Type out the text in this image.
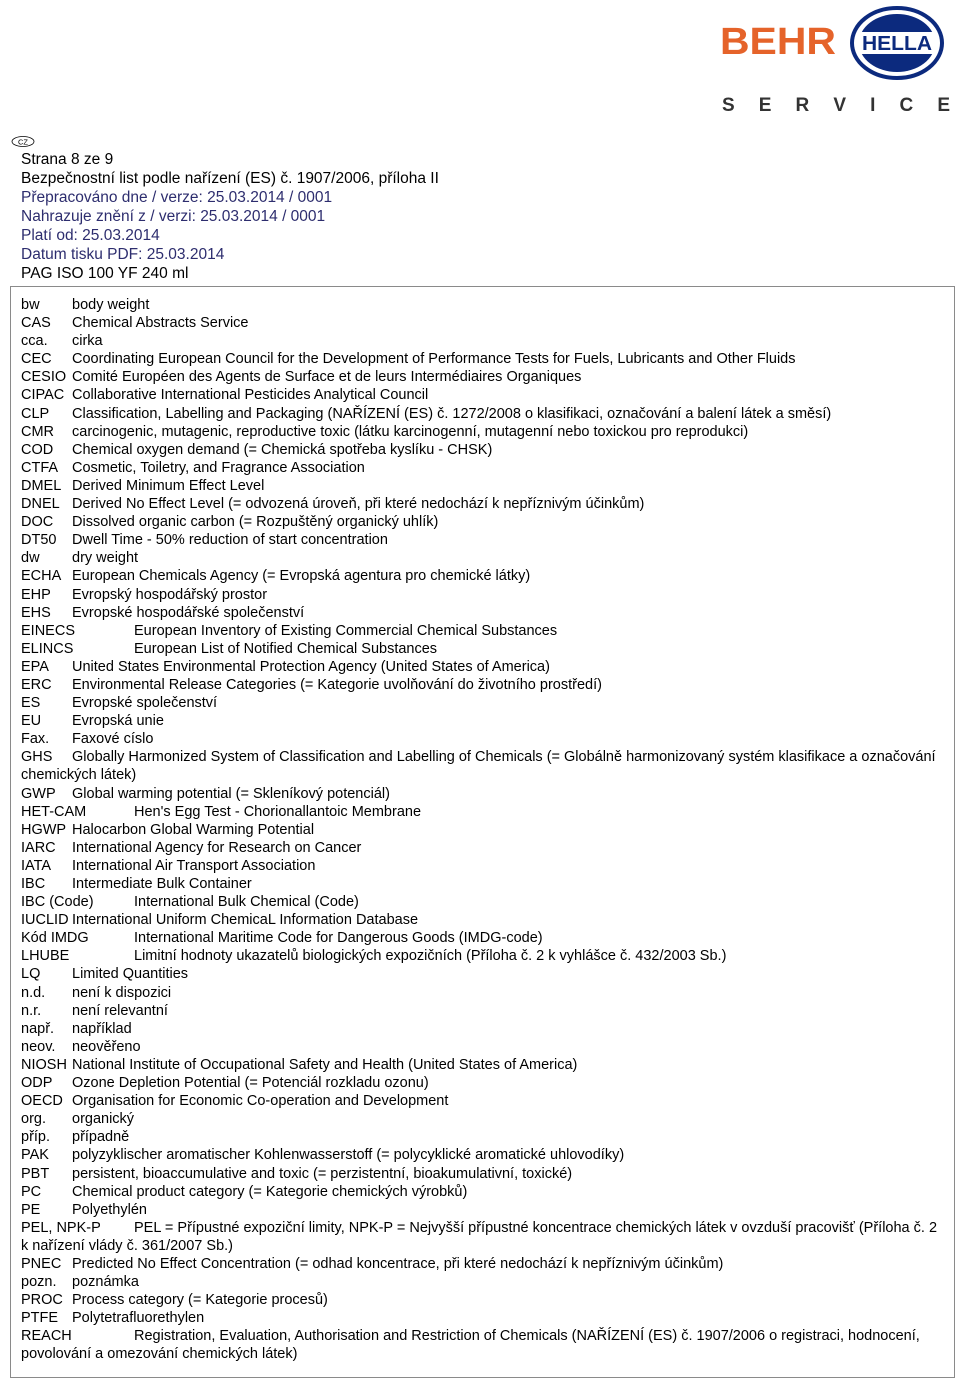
BEHR HELLA
S E R V I C E
CZ
Strana 8 ze 9
Bezpečnostní list podle nařízení (ES) č. 1907/2006, příloha II
Přepracováno dne / verze: 25.03.2014 / 0001
Nahrazuje znění z / verzi: 25.03.2014 / 0001
Platí od: 25.03.2014
Datum tisku PDF: 25.03.2014
PAG ISO 100 YF 240 ml
bw	body weight
CAS	Chemical Abstracts Service
cca.	cirka
CEC	Coordinating European Council for the Development of Performance Tests for Fuels, Lubricants and Other Fluids
CESIO Comité Européen des Agents de Surface et de leurs Intermédiaires Organiques
CIPAC Collaborative International Pesticides Analytical Council
CLP	Classification, Labelling and Packaging (NAŘÍZENÍ (ES) č. 1272/2008 o klasifikaci, označování a balení látek a směsí)
CMR	carcinogenic, mutagenic, reproductive toxic (látku karcinogenní, mutagenní nebo toxickou pro reprodukci)
COD	Chemical oxygen demand (= Chemická spotřeba kyslíku - CHSK)
CTFA Cosmetic, Toiletry, and Fragrance Association
DMEL Derived Minimum Effect Level
DNEL Derived No Effect Level (= odvozená úroveň, při které nedochází k nepříznivým účinkům)
DOC	Dissolved organic carbon (= Rozpuštěný organický uhlík)
DT50	Dwell Time - 50% reduction of start concentration
dw	dry weight
ECHA European Chemicals Agency (= Evropská agentura pro chemické látky)
EHP	Evropský hospodářský prostor
EHS	Evropské hospodářské společenství
EINECS	European Inventory of Existing Commercial Chemical Substances
ELINCS	European List of Notified Chemical Substances
EPA	United States Environmental Protection Agency (United States of America)
ERC	Environmental Release Categories (= Kategorie uvolňování do životního prostředí)
ES	Evropské společenství
EU	Evropská unie
Fax.	Faxové císlo
GHS Globally Harmonized System of Classification and Labelling of Chemicals (= Globálně harmonizovaný systém klasifikace a označování chemických látek)
GWP	Global warming potential (= Skleníkový potenciál)
HET-CAM	Hen's Egg Test - Chorionallantoic Membrane
HGWP Halocarbon Global Warming Potential
IARC	International Agency for Research on Cancer
IATA	International Air Transport Association
IBC	Intermediate Bulk Container
IBC (Code)	International Bulk Chemical (Code)
IUCLID International Uniform ChemicaL Information Database
Kód IMDG	International Maritime Code for Dangerous Goods (IMDG-code)
LHUBE	Limitní hodnoty ukazatelů biologických expozičních (Příloha č. 2 k vyhlášce č. 432/2003 Sb.)
LQ	Limited Quantities
n.d.	není k dispozici
n.r.	není relevantní
např.	například
neov.	neověřeno
NIOSH National Institute of Occupational Safety and Health (United States of America)
ODP	Ozone Depletion Potential (= Potenciál rozkladu ozonu)
OECD Organisation for Economic Co-operation and Development
org.	organický
příp.	případně
PAK	polyzyklischer aromatischer Kohlenwasserstoff (= polycyklické aromatické uhlovodíky)
PBT	persistent, bioaccumulative and toxic (= perzistentní, bioakumulativní, toxické)
PC	Chemical product category (= Kategorie chemických výrobků)
PE	Polyethylén
PEL, NPK-P PEL = Přípustné expoziční limity, NPK-P = Nejvyšší přípustné koncentrace chemických látek v ovzduší pracovišť (Příloha č. 2 k nařízení vlády č. 361/2007 Sb.)
PNEC Predicted No Effect Concentration (= odhad koncentrace, při které nedochází k nepříznivým účinkům)
pozn.	poznámka
PROC Process category (= Kategorie procesů)
PTFE Polytetrafluorethylen
REACH	Registration, Evaluation, Authorisation and Restriction of Chemicals (NAŘÍZENÍ (ES) č. 1907/2006 o registraci, hodnocení, povolování a omezování chemických látek)
